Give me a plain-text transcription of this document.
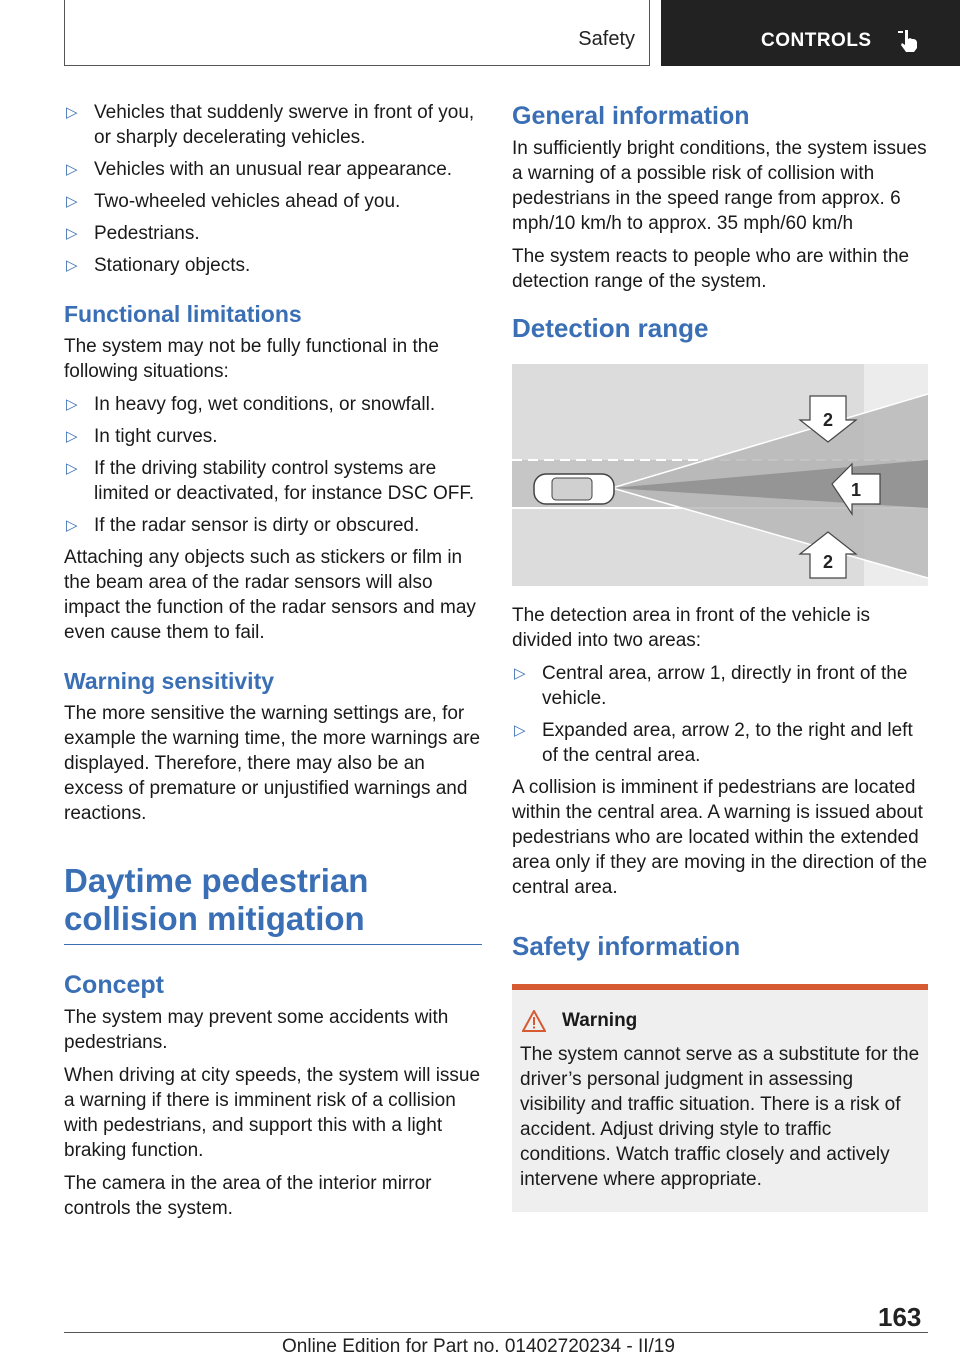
Safety	CONTROLS
▷ Vehicles that suddenly swerve in front of you, or sharply decelerating vehicles.
▷ Vehicles with an unusual rear appearance.
▷ Two-wheeled vehicles ahead of you.
▷ Pedestrians.
▷ Stationary objects.
Functional limitations

The system may not be fully functional in the following situations:

▷ In heavy fog, wet conditions, or snowfall.
▷ In tight curves.
▷ If the driving stability control systems are limited or deactivated, for instance DSC OFF.
▷ If the radar sensor is dirty or obscured.

Attaching any objects such as stickers or film in the beam area of the radar sensors will also impact the function of the radar sensors and may even cause them to fail.

Warning sensitivity

The more sensitive the warning settings are, for example the warning time, the more warnings are displayed. Therefore, there may also be an excess of premature or unjustified warnings and reactions.

Daytime pedestrian collision mitigation
Concept

The system may prevent some accidents with pedestrians.

When driving at city speeds, the system will issue a warning if there is imminent risk of a collision with pedestrians, and support this with a light braking function.

The camera in the area of the interior mirror controls the system.

General information

In sufficiently bright conditions, the system issues a warning of a possible risk of collision with pedestrians in the speed range from approx. 6 mph/10 km/h to approx. 35 mph/60 km/h

The system reacts to people who are within the detection range of the system.

Detection range
2
1
2

The detection area in front of the vehicle is divided into two areas:

▷ Central area, arrow 1, directly in front of the vehicle.
▷ Expanded area, arrow 2, to the right and left of the central area.

A collision is imminent if pedestrians are located within the central area. A warning is issued about pedestrians who are located within the extended area only if they are moving in the direction of the central area.

Safety information
Warning

The system cannot serve as a substitute for the driver’s personal judgment in assessing visibility and traffic situation. There is a risk of accident. Adjust driving style to traffic conditions. Watch traffic closely and actively intervene where appropriate.

163
Online Edition for Part no. 01402720234 - II/19
